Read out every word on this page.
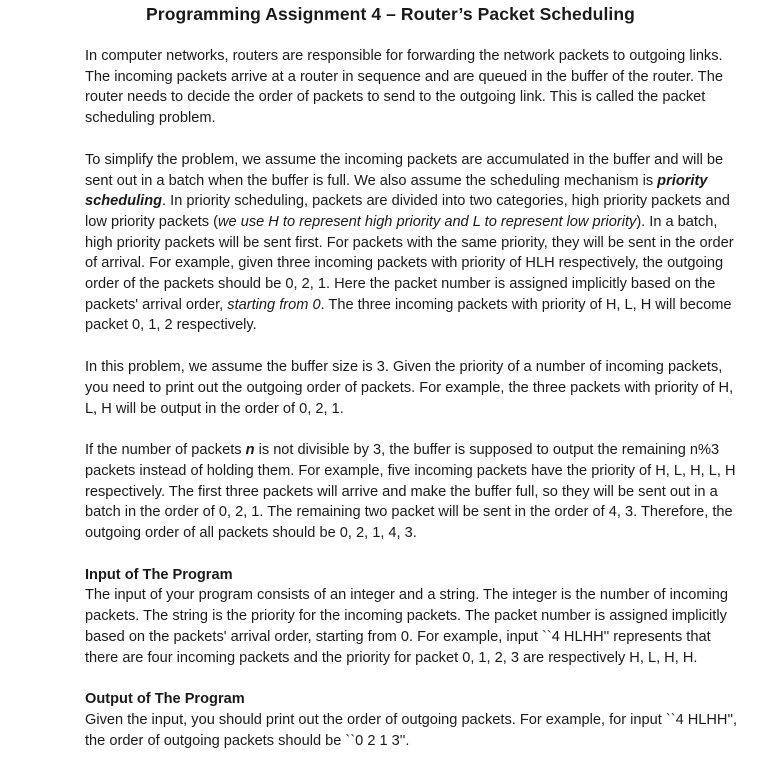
Programming Assignment 4 – Router’s Packet Scheduling

In computer networks, routers are responsible for forwarding the network packets to outgoing links. The incoming packets arrive at a router in sequence and are queued in the buffer of the router. The router needs to decide the order of packets to send to the outgoing link. This is called the packet scheduling problem.

To simplify the problem, we assume the incoming packets are accumulated in the buffer and will be sent out in a batch when the buffer is full. We also assume the scheduling mechanism is priority scheduling. In priority scheduling, packets are divided into two categories, high priority packets and low priority packets (we use H to represent high priority and L to represent low priority). In a batch, high priority packets will be sent first. For packets with the same priority, they will be sent in the order of arrival. For example, given three incoming packets with priority of HLH respectively, the outgoing order of the packets should be 0, 2, 1. Here the packet number is assigned implicitly based on the packets' arrival order, starting from 0. The three incoming packets with priority of H, L, H will become packet 0, 1, 2 respectively.

In this problem, we assume the buffer size is 3. Given the priority of a number of incoming packets, you need to print out the outgoing order of packets. For example, the three packets with priority of H, L, H will be output in the order of 0, 2, 1.

If the number of packets n is not divisible by 3, the buffer is supposed to output the remaining n%3 packets instead of holding them. For example, five incoming packets have the priority of H, L, H, L, H respectively. The first three packets will arrive and make the buffer full, so they will be sent out in a batch in the order of 0, 2, 1. The remaining two packet will be sent in the order of 4, 3. Therefore, the outgoing order of all packets should be 0, 2, 1, 4, 3.

Input of The Program

The input of your program consists of an integer and a string. The integer is the number of incoming packets. The string is the priority for the incoming packets. The packet number is assigned implicitly based on the packets' arrival order, starting from 0. For example, input ``4 HLHH'' represents that there are four incoming packets and the priority for packet 0, 1, 2, 3 are respectively H, L, H, H.

Output of The Program

Given the input, you should print out the order of outgoing packets. For example, for input ``4 HLHH'', the order of outgoing packets should be ``0 2 1 3''.
